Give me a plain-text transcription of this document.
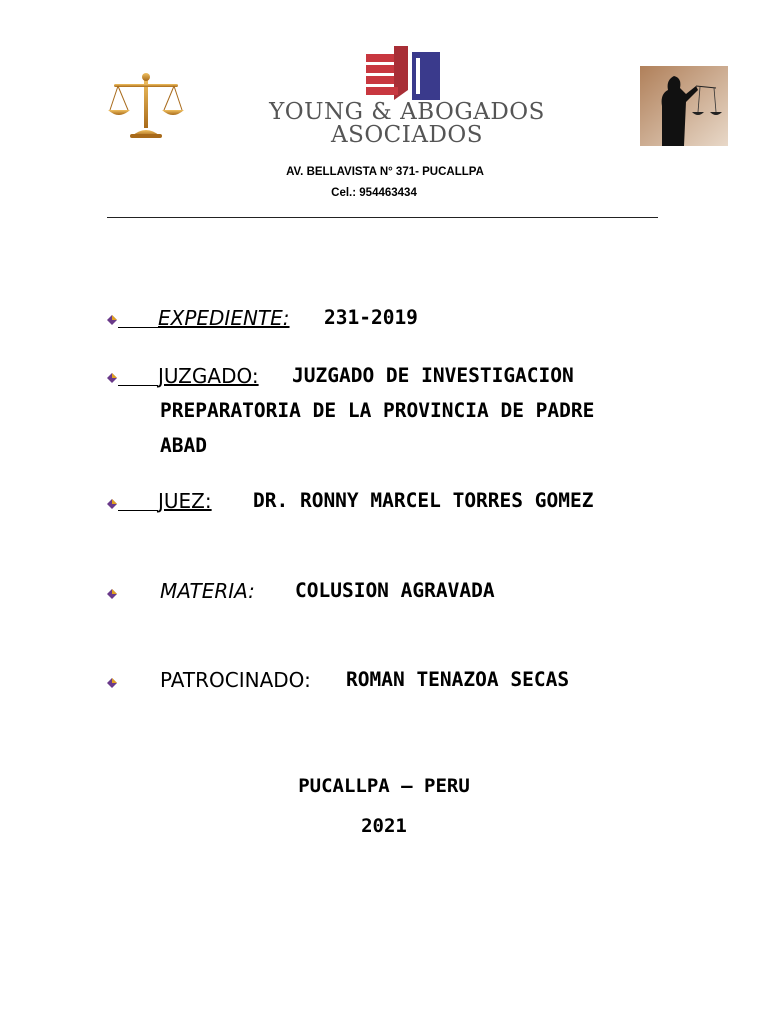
YOUNG & ABOGADOS
ASOCIADOS
AV. BELLAVISTA N° 371- PUCALLPA
Cel.: 954463434
EXPEDIENTE: 231-2019
JUZGADO: JUZGADO DE INVESTIGACION
PREPARATORIA DE LA PROVINCIA DE PADRE
ABAD
JUEZ: DR. RONNY MARCEL TORRES GOMEZ
MATERIA: COLUSION AGRAVADA
PATROCINADO: ROMAN TENAZOA SECAS
PUCALLPA – PERU
2021
